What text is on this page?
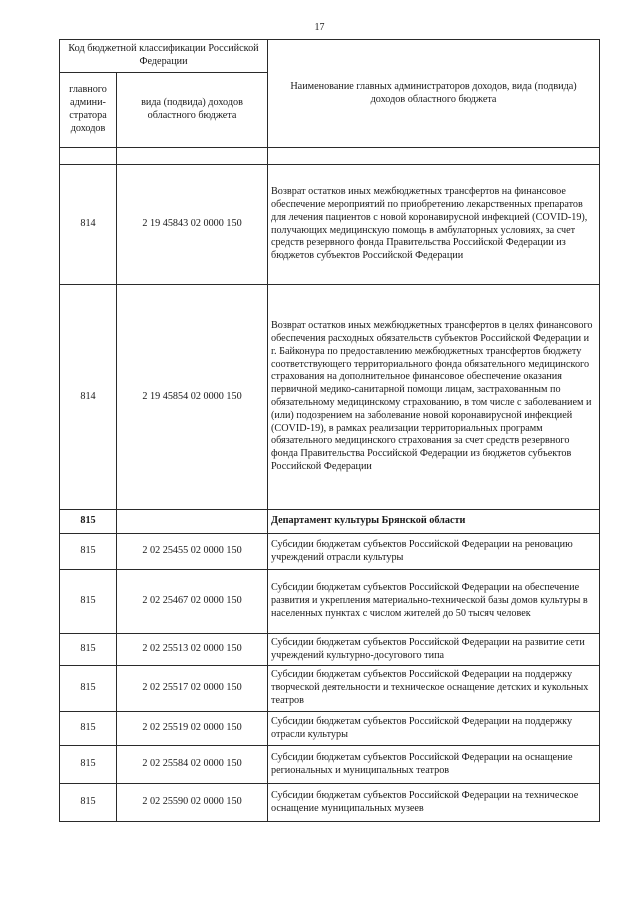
17
Код бюджетной классификации Российской Федерации		Наименование главных администраторов доходов, вида (подвида) доходов областного бюджета
главного админи-стратора доходов	вида (подвида) доходов областного бюджета	

814	2 19 45843 02 0000 150	Возврат остатков иных межбюджетных трансфертов на финансовое обеспечение мероприятий по приобретению лекарственных препаратов для лечения пациентов с новой коронавирусной инфекцией (COVID-19), получающих медицинскую помощь в амбулаторных условиях, за счет средств резервного фонда Правительства Российской Федерации из бюджетов субъектов Российской Федерации
814	2 19 45854 02 0000 150	Возврат остатков иных межбюджетных трансфертов в целях финансового обеспечения расходных обязательств субъектов Российской Федерации и г. Байконура по предоставлению межбюджетных трансфертов бюджету соответствующего территориального фонда обязательного медицинского страхования на дополнительное финансовое обеспечение оказания первичной медико-санитарной помощи лицам, застрахованным по обязательному медицинскому страхованию, в том числе с заболеванием и (или) подозрением на заболевание новой коронавирусной инфекцией (COVID-19), в рамках реализации территориальных программ обязательного медицинского страхования за счет средств резервного фонда Правительства Российской Федерации из бюджетов субъектов Российской Федерации
815		Департамент культуры Брянской области
815	2 02 25455 02 0000 150	Субсидии бюджетам субъектов Российской Федерации на реновацию учреждений отрасли культуры
815	2 02 25467 02 0000 150	Субсидии бюджетам субъектов Российской Федерации на обеспечение развития и укрепления материально-технической базы домов культуры в населенных пунктах с числом жителей до 50 тысяч человек
815	2 02 25513 02 0000 150	Субсидии бюджетам субъектов Российской Федерации на развитие сети учреждений культурно-досугового типа
815	2 02 25517 02 0000 150	Субсидии бюджетам субъектов Российской Федерации на поддержку творческой деятельности и техническое оснащение детских и кукольных театров
815	2 02 25519 02 0000 150	Субсидии бюджетам субъектов Российской Федерации на поддержку отрасли культуры
815	2 02 25584 02 0000 150	Субсидии бюджетам субъектов Российской Федерации на оснащение региональных и муниципальных театров
815	2 02 25590 02 0000 150	Субсидии бюджетам субъектов Российской Федерации на техническое оснащение муниципальных музеев
